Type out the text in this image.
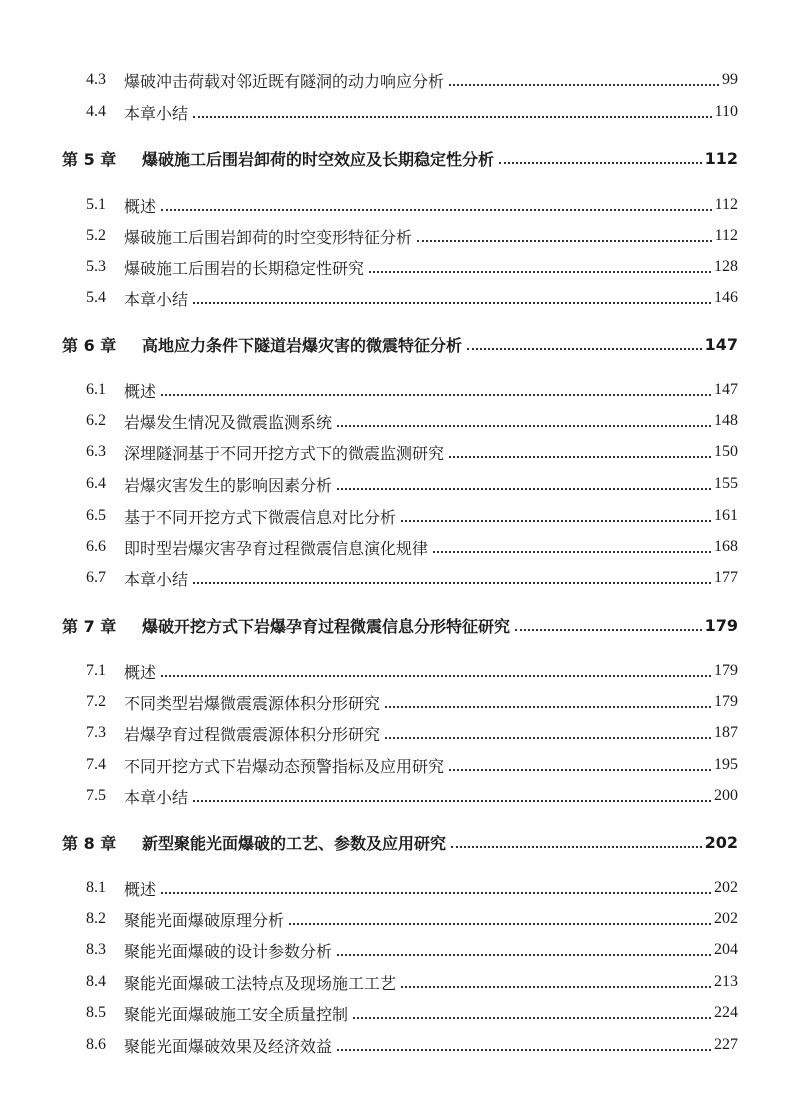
4.3	爆破冲击荷载对邻近既有隧洞的动力响应分析	99
4.4	本章小结	110
第 5 章	爆破施工后围岩卸荷的时空效应及长期稳定性分析	112
5.1	概述	112
5.2	爆破施工后围岩卸荷的时空变形特征分析	112
5.3	爆破施工后围岩的长期稳定性研究	128
5.4	本章小结	146
第 6 章	高地应力条件下隧道岩爆灾害的微震特征分析	147
6.1	概述	147
6.2	岩爆发生情况及微震监测系统	148
6.3	深埋隧洞基于不同开挖方式下的微震监测研究	150
6.4	岩爆灾害发生的影响因素分析	155
6.5	基于不同开挖方式下微震信息对比分析	161
6.6	即时型岩爆灾害孕育过程微震信息演化规律	168
6.7	本章小结	177
第 7 章	爆破开挖方式下岩爆孕育过程微震信息分形特征研究	179
7.1	概述	179
7.2	不同类型岩爆微震震源体积分形研究	179
7.3	岩爆孕育过程微震震源体积分形研究	187
7.4	不同开挖方式下岩爆动态预警指标及应用研究	195
7.5	本章小结	200
第 8 章	新型聚能光面爆破的工艺、参数及应用研究	202
8.1	概述	202
8.2	聚能光面爆破原理分析	202
8.3	聚能光面爆破的设计参数分析	204
8.4	聚能光面爆破工法特点及现场施工工艺	213
8.5	聚能光面爆破施工安全质量控制	224
8.6	聚能光面爆破效果及经济效益	227
